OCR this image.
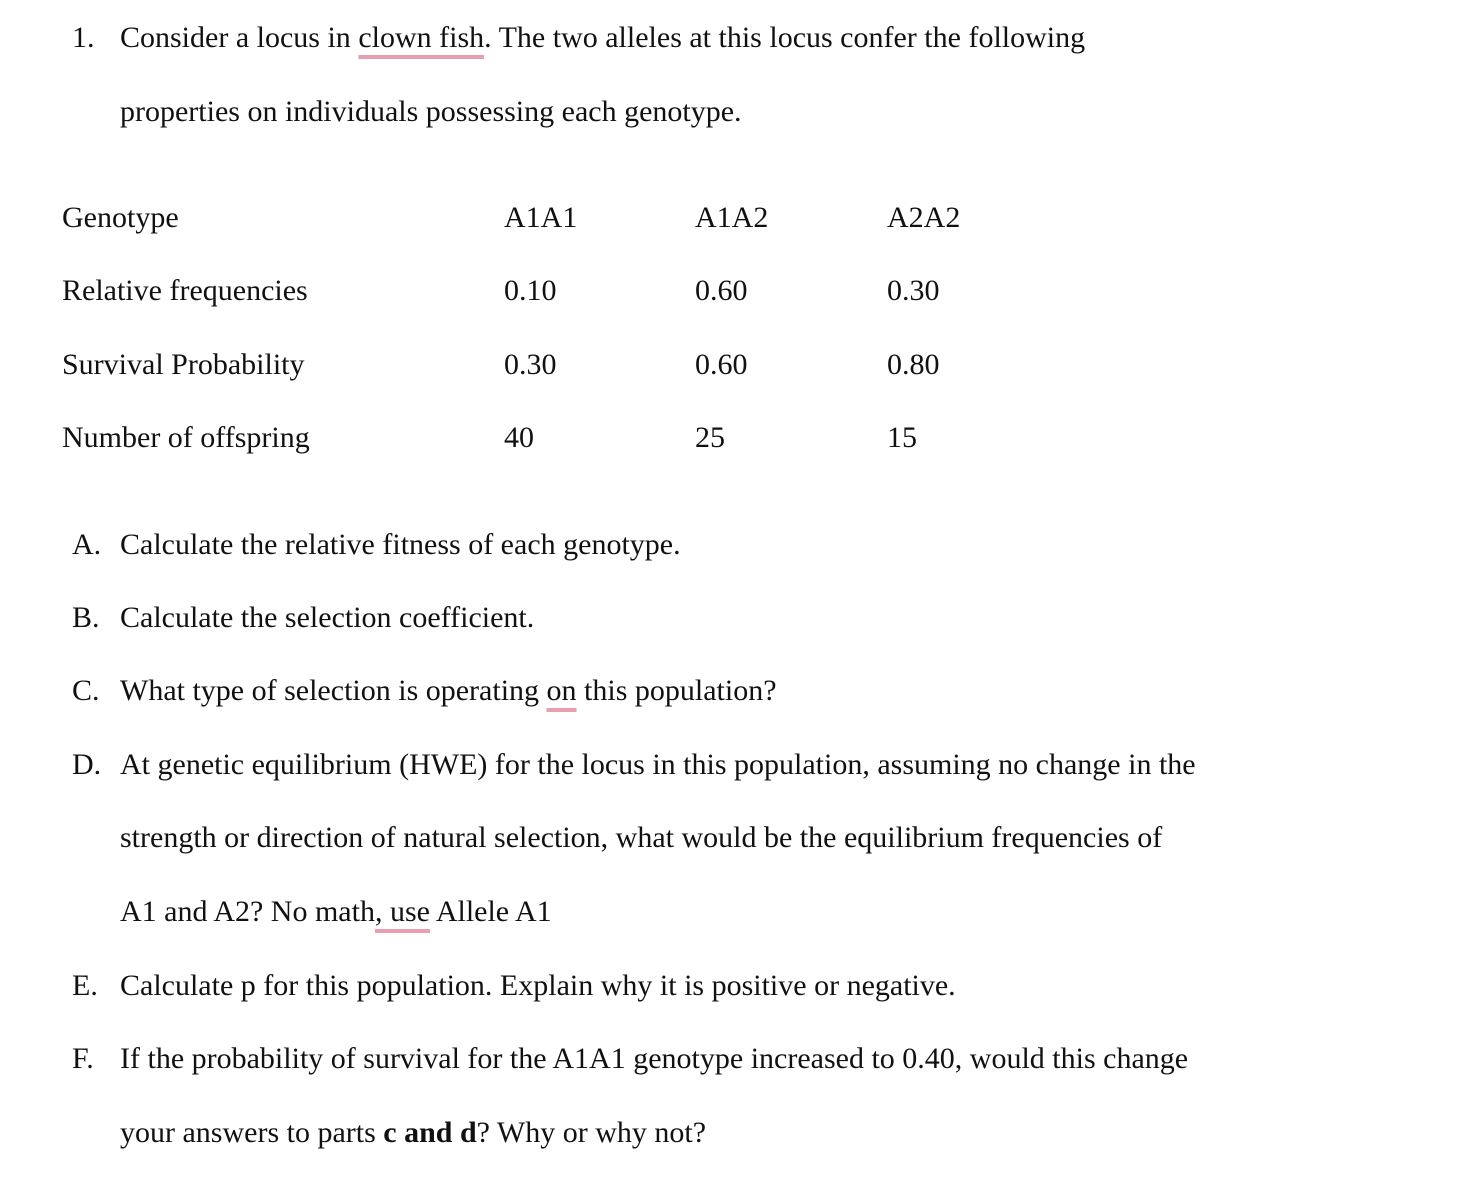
1. Consider a locus in clown fish. The two alleles at this locus confer the following
properties on individuals possessing each genotype.
Genotype	A1A1	A1A2	A2A2
Relative frequencies	0.10	0.60	0.30
Survival Probability	0.30	0.60	0.80
Number of offspring	40	25	15
A. Calculate the relative fitness of each genotype.
B. Calculate the selection coefficient.
C. What type of selection is operating on this population?
D. At genetic equilibrium (HWE) for the locus in this population, assuming no change in the
strength or direction of natural selection, what would be the equilibrium frequencies of
A1 and A2? No math, use Allele A1
E. Calculate p for this population. Explain why it is positive or negative.
F. If the probability of survival for the A1A1 genotype increased to 0.40, would this change
your answers to parts c and d? Why or why not?
